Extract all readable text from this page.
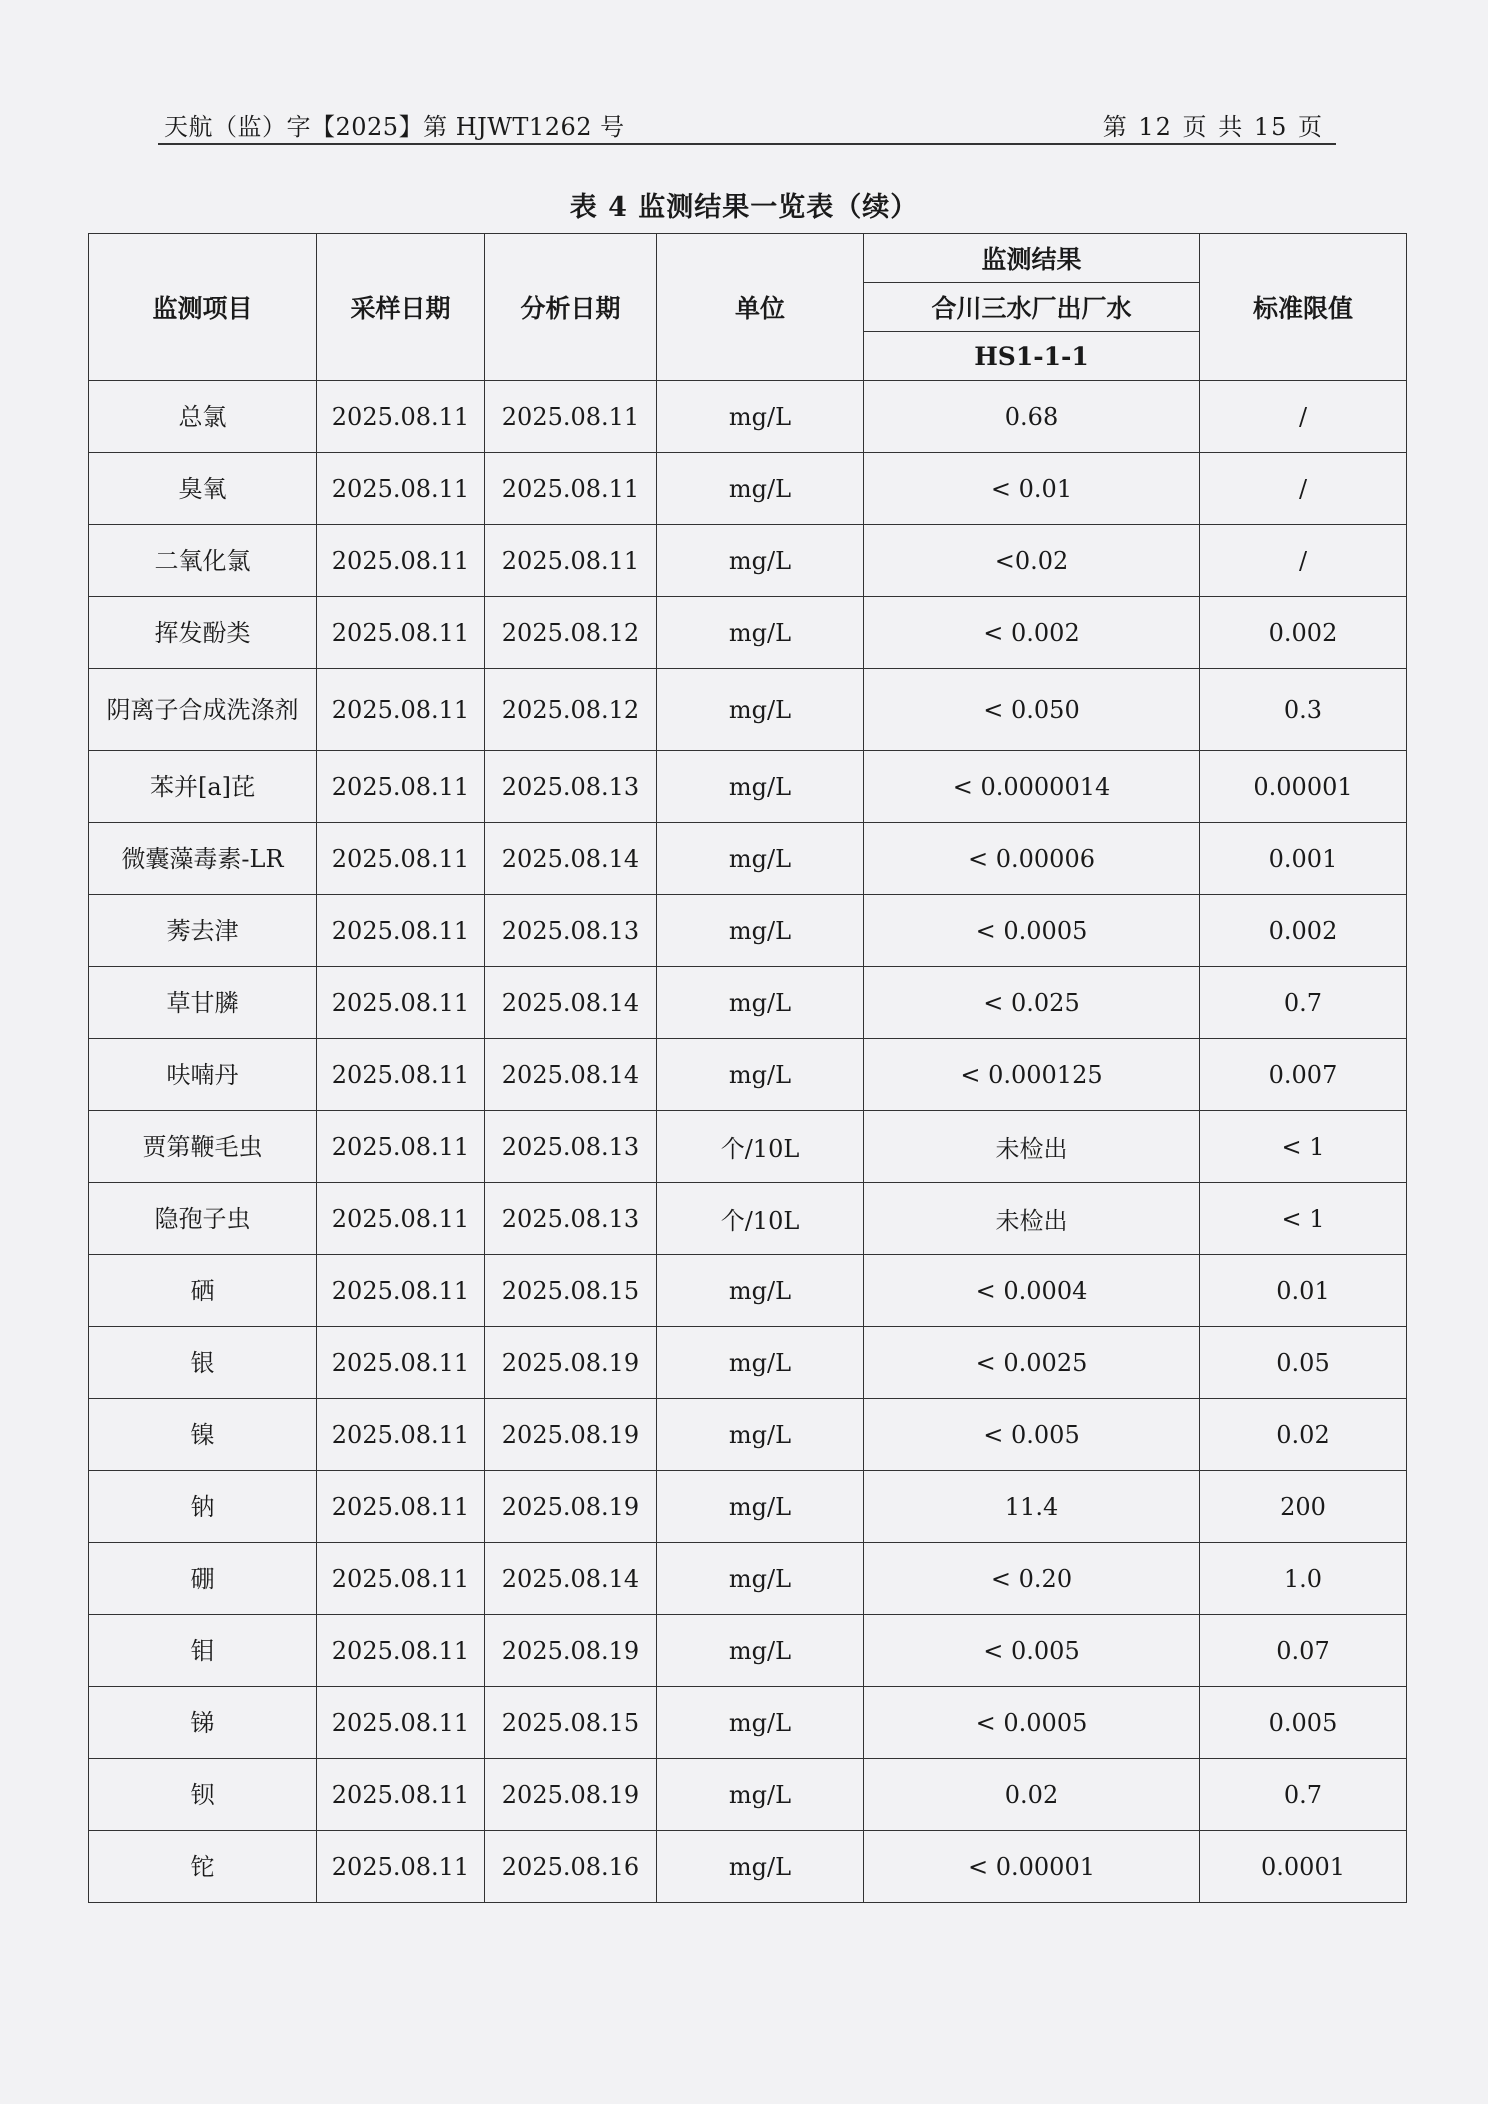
天航（监）字【2025】第 HJWT1262 号	第 12 页 共 15 页
表 4 监测结果一览表（续）
监测项目	采样日期	分析日期	单位	监测结果	标准限值
				合川三水厂出厂水	
				HS1-1-1	
总氯	2025.08.11	2025.08.11	mg/L	0.68	/
臭氧	2025.08.11	2025.08.11	mg/L	< 0.01	/
二氧化氯	2025.08.11	2025.08.11	mg/L	<0.02	/
挥发酚类	2025.08.11	2025.08.12	mg/L	< 0.002	0.002
阴离子合成洗涤剂	2025.08.11	2025.08.12	mg/L	< 0.050	0.3
苯并[a]芘	2025.08.11	2025.08.13	mg/L	< 0.0000014	0.00001
微囊藻毒素-LR	2025.08.11	2025.08.14	mg/L	< 0.00006	0.001
莠去津	2025.08.11	2025.08.13	mg/L	< 0.0005	0.002
草甘膦	2025.08.11	2025.08.14	mg/L	< 0.025	0.7
呋喃丹	2025.08.11	2025.08.14	mg/L	< 0.000125	0.007
贾第鞭毛虫	2025.08.11	2025.08.13	个/10L	未检出	< 1
隐孢子虫	2025.08.11	2025.08.13	个/10L	未检出	< 1
硒	2025.08.11	2025.08.15	mg/L	< 0.0004	0.01
银	2025.08.11	2025.08.19	mg/L	< 0.0025	0.05
镍	2025.08.11	2025.08.19	mg/L	< 0.005	0.02
钠	2025.08.11	2025.08.19	mg/L	11.4	200
硼	2025.08.11	2025.08.14	mg/L	< 0.20	1.0
钼	2025.08.11	2025.08.19	mg/L	< 0.005	0.07
锑	2025.08.11	2025.08.15	mg/L	< 0.0005	0.005
钡	2025.08.11	2025.08.19	mg/L	0.02	0.7
铊	2025.08.11	2025.08.16	mg/L	< 0.00001	0.0001
